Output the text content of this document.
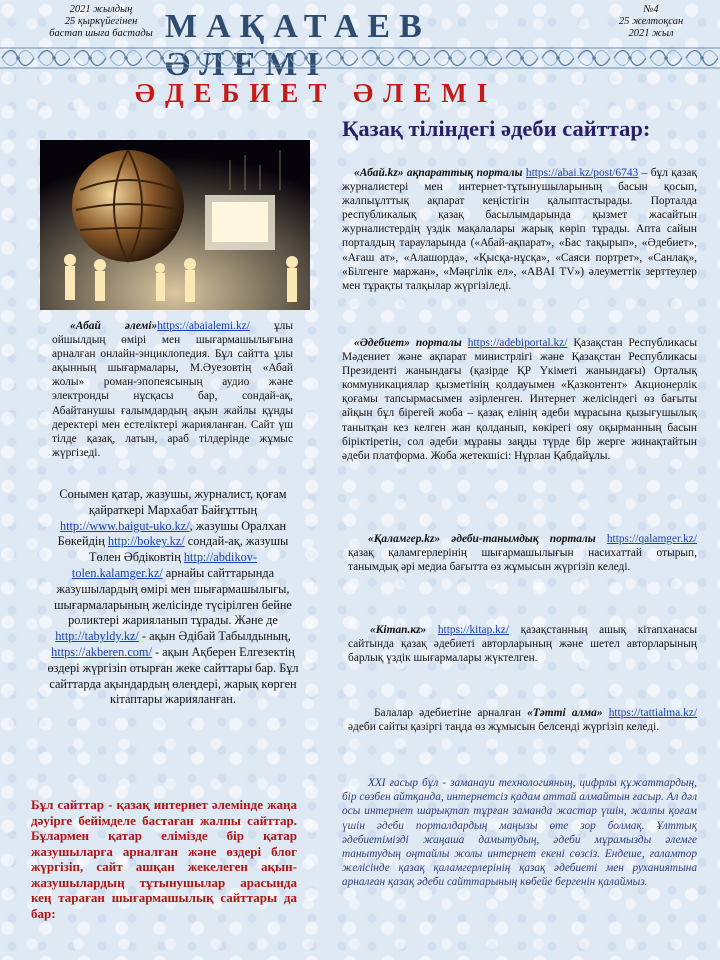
2021 жылдың
25 қыркүйегінен
бастап шыға бастады МАҚАТАЕВ	№4
25 желтоқсан
2021 жыл
ӘДЕБИЕТ ӘЛЕМІ
Қазақ тіліндегі әдеби сайттар:
«Абай әлемі»https://abaialemi.kz/ ұлы ойшылдың өмірі мен шығармашылығына арналған онлайн-энциклопедия. Бұл сайтта ұлы ақынның шығармалары, М.Әуезовтің «Абай жолы» роман-эпопеясының аудио және электронды нұсқасы бар, сондай-ақ, Абайтанушы ғалымдардың ақын жайлы құнды деректері мен естеліктері жарияланған. Сайт үш тілде қазақ, латын, араб тілдерінде жұмыс жүргізеді.
Сонымен қатар, жазушы, журналист, қоғам қайраткері Мархабат Байғұттың http://www.baigut-uko.kz/, жазушы Оралхан Бөкейдің http://bokey.kz/ сондай-ақ, жазушы Төлен Әбдіковтің http://abdikov-tolen.kalamger.kz/ арнайы сайттарында жазушылардың өмірі мен шығармашылығы, шығармаларының желісінде түсірілген бейне роликтері жарияланып тұрады. Және де http://tabyldy.kz/ - ақын Әдібай Табылдының, https://akberen.com/ - ақын Ақберен Елгезектің өздері жүргізіп отырған жеке сайттары бар. Бұл сайттарда ақындардың өлеңдері, жарық көрген кітаптары жарияланған.
Бұл сайттар - қазақ интернет әлемінде жаңа дәуірге бейімделе бастаған жалпы сайттар. Бұлармен қатар елімізде бір қатар жазушыларға арналған және өздері блог жүргізіп, сайт ашқан жекелеген ақын-жазушылардың тұтынушылар арасында кең тараған шығармашылық сайттары да бар:
«Абай.kz» ақпараттық порталы https://abai.kz/post/6743 – бұл қазақ журналистері мен интернет-тұтынушыларының басын қосып, жалпыұлттық ақпарат кеңістігін қалыптастырады. Порталда республикалық қазақ басылымдарында қызмет жасайтын журналистердің үздік мақалалары жарық көріп тұрады. Апта сайын порталдың тарауларында («Абай-ақпарат», «Бас тақырып», «Әдебиет», «Ағаш ат», «Алашорда», «Қысқа-нұсқа», «Саяси портрет», «Санлақ», «Білгенге маржан», «Мәңгілік ел», «ABAI TV») әлеуметтік зерттеулер мен тұрақты талқылар жүргізіледі.
«Әдебиет» порталы https://adebiportal.kz/ Қазақстан Республикасы Мәдениет және ақпарат министрлігі және Қазақстан Республикасы Президенті жанындағы (қазірде ҚР Үкіметі жанындағы) Орталық коммуникациялар қызметінің қолдауымен «Қазконтент» Акционерлік қоғамы тапсырмасымен әзірленген. Интернет желісіндегі өз бағыты айқын бұл бірегей жоба – қазақ елінің әдеби мұрасына қызығушылық танытқан кез келген жан қолданып, көкірегі ояу оқырманның басын біріктіретін, сол әдеби мұраны заңды түрде бір жерге жинақтайтын әдеби платформа. Жоба жетекшісі: Нұрлан Қабдайұлы.
«Қаламгер.kz» әдеби-танымдық порталы https://qalamger.kz/ қазақ қаламгерлерінің шығармашылығын насихаттай отырып, танымдық әрі медиа бағытта өз жұмысын жүргізіп келеді.
«Кітап.кz» https://kitap.kz/ қазақстанның ашық кітапханасы сайтында қазақ әдебиеті авторларының және шетел авторларының барлық үздік шығармалары жүктелген.
Балалар әдебиетіне арналған «Тәтті алма» https://tattialma.kz/ әдеби сайты қазіргі таңда өз жұмысын белсенді жүргізіп келеді.
XXI ғасыр бұл - заманауи технологияның, цифрлы құжаттардың, бір сөзбен айтқанда, интернетсіз қадам аттай алмайтын ғасыр. Ал дәл осы интернет шарықтап тұрған заманда жастар үшін, жалпы қоғам үшін әдеби порталдардың маңызы өте зор болмақ. Ұлттық әдебиетімізді жаңаша дамытудың, әдеби мұрамызды әлемге танытудың оңтайлы жолы интернет екені сөзсіз. Ендеше, ғаламтор желісінде қазақ қаламгерлерінің қазақ әдебиеті мен руханиятына арналған қазақ әдеби сайттарының көбейе бергенін қалаймыз.
